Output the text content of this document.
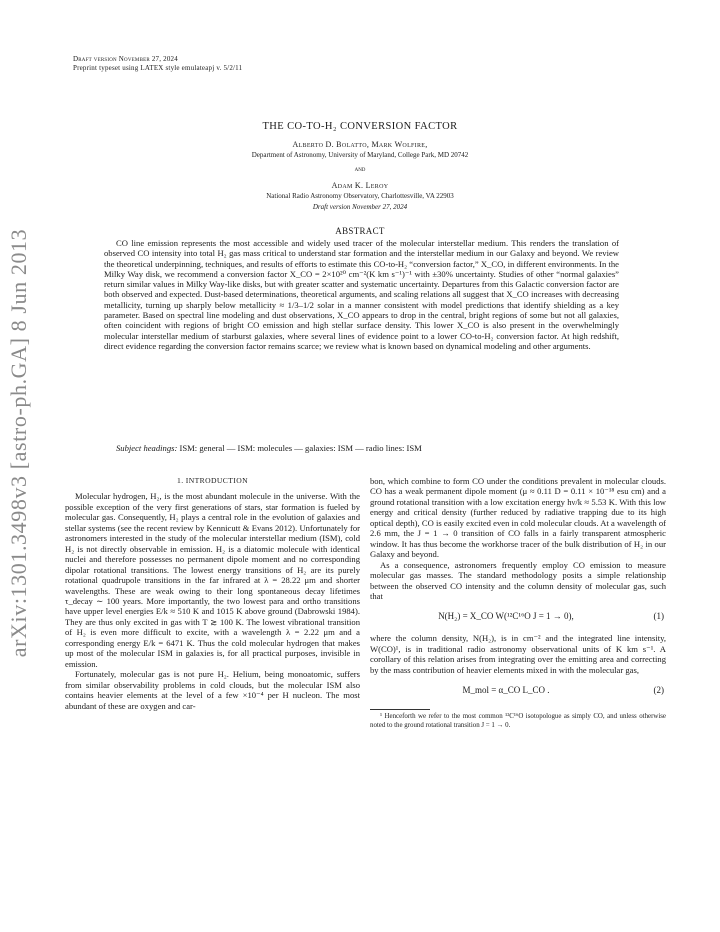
Draft version November 27, 2024
Preprint typeset using LATEX style emulateapj v. 5/2/11
arXiv:1301.3498v3 [astro-ph.GA] 8 Jun 2013
THE CO-TO-H₂ CONVERSION FACTOR
Alberto D. Bolatto, Mark Wolfire,
Department of Astronomy, University of Maryland, College Park, MD 20742
and
Adam K. Leroy
National Radio Astronomy Observatory, Charlottesville, VA 22903
Draft version November 27, 2024
ABSTRACT
CO line emission represents the most accessible and widely used tracer of the molecular interstellar medium. This renders the translation of observed CO intensity into total H₂ gas mass critical to understand star formation and the interstellar medium in our Galaxy and beyond. We review the theoretical underpinning, techniques, and results of efforts to estimate this CO-to-H₂ “conversion factor,” X_CO, in different environments. In the Milky Way disk, we recommend a conversion factor X_CO = 2×10²⁰ cm⁻²(K km s⁻¹)⁻¹ with ±30% uncertainty. Studies of other “normal galaxies” return similar values in Milky Way-like disks, but with greater scatter and systematic uncertainty. Departures from this Galactic conversion factor are both observed and expected. Dust-based determinations, theoretical arguments, and scaling relations all suggest that X_CO increases with decreasing metallicity, turning up sharply below metallicity ≈ 1/3–1/2 solar in a manner consistent with model predictions that identify shielding as a key parameter. Based on spectral line modeling and dust observations, X_CO appears to drop in the central, bright regions of some but not all galaxies, often coincident with regions of bright CO emission and high stellar surface density. This lower X_CO is also present in the overwhelmingly molecular interstellar medium of starburst galaxies, where several lines of evidence point to a lower CO-to-H₂ conversion factor. At high redshift, direct evidence regarding the conversion factor remains scarce; we review what is known based on dynamical modeling and other arguments.
Subject headings: ISM: general — ISM: molecules — galaxies: ISM — radio lines: ISM
1. INTRODUCTION

Molecular hydrogen, H₂, is the most abundant molecule in the universe. With the possible exception of the very first generations of stars, star formation is fueled by molecular gas. Consequently, H₂ plays a central role in the evolution of galaxies and stellar systems (see the recent review by Kennicutt & Evans 2012). Unfortunately for astronomers interested in the study of the molecular interstellar medium (ISM), cold H₂ is not directly observable in emission. H₂ is a diatomic molecule with identical nuclei and therefore possesses no permanent dipole moment and no corresponding dipolar rotational transitions. The lowest energy transitions of H₂ are its purely rotational quadrupole transitions in the far infrared at λ = 28.22 μm and shorter wavelengths. These are weak owing to their long spontaneous decay lifetimes τ_decay ∼ 100 years. More importantly, the two lowest para and ortho transitions have upper level energies E/k ≈ 510 K and 1015 K above ground (Dabrowski 1984). They are thus only excited in gas with T ≳ 100 K. The lowest vibrational transition of H₂ is even more difficult to excite, with a wavelength λ = 2.22 μm and a corresponding energy E/k = 6471 K. Thus the cold molecular hydrogen that makes up most of the molecular ISM in galaxies is, for all practical purposes, invisible in emission.

Fortunately, molecular gas is not pure H₂. Helium, being monoatomic, suffers from similar observability problems in cold clouds, but the molecular ISM also contains heavier elements at the level of a few ×10⁻⁴ per H nucleon. The most abundant of these are oxygen and car-

bon, which combine to form CO under the conditions prevalent in molecular clouds. CO has a weak permanent dipole moment (μ ≈ 0.11 D = 0.11 × 10⁻¹⁸ esu cm) and a ground rotational transition with a low excitation energy hν/k ≈ 5.53 K. With this low energy and critical density (further reduced by radiative trapping due to its high optical depth), CO is easily excited even in cold molecular clouds. At a wavelength of 2.6 mm, the J = 1 → 0 transition of CO falls in a fairly transparent atmospheric window. It has thus become the workhorse tracer of the bulk distribution of H₂ in our Galaxy and beyond.

As a consequence, astronomers frequently employ CO emission to measure molecular gas masses. The standard methodology posits a simple relationship between the observed CO intensity and the column density of molecular gas, such that

N(H₂) = X_CO W(¹²C¹⁶O J = 1 → 0),	(1)

where the column density, N(H₂), is in cm⁻² and the integrated line intensity, W(CO)¹, is in traditional radio astronomy observational units of K km s⁻¹. A corollary of this relation arises from integrating over the emitting area and correcting by the mass contribution of heavier elements mixed in with the molecular gas,

M_mol = α_CO L_CO .	(2)
¹ Henceforth we refer to the most common ¹²C¹⁶O isotopologue as simply CO, and unless otherwise noted to the ground rotational transition J = 1 → 0.
